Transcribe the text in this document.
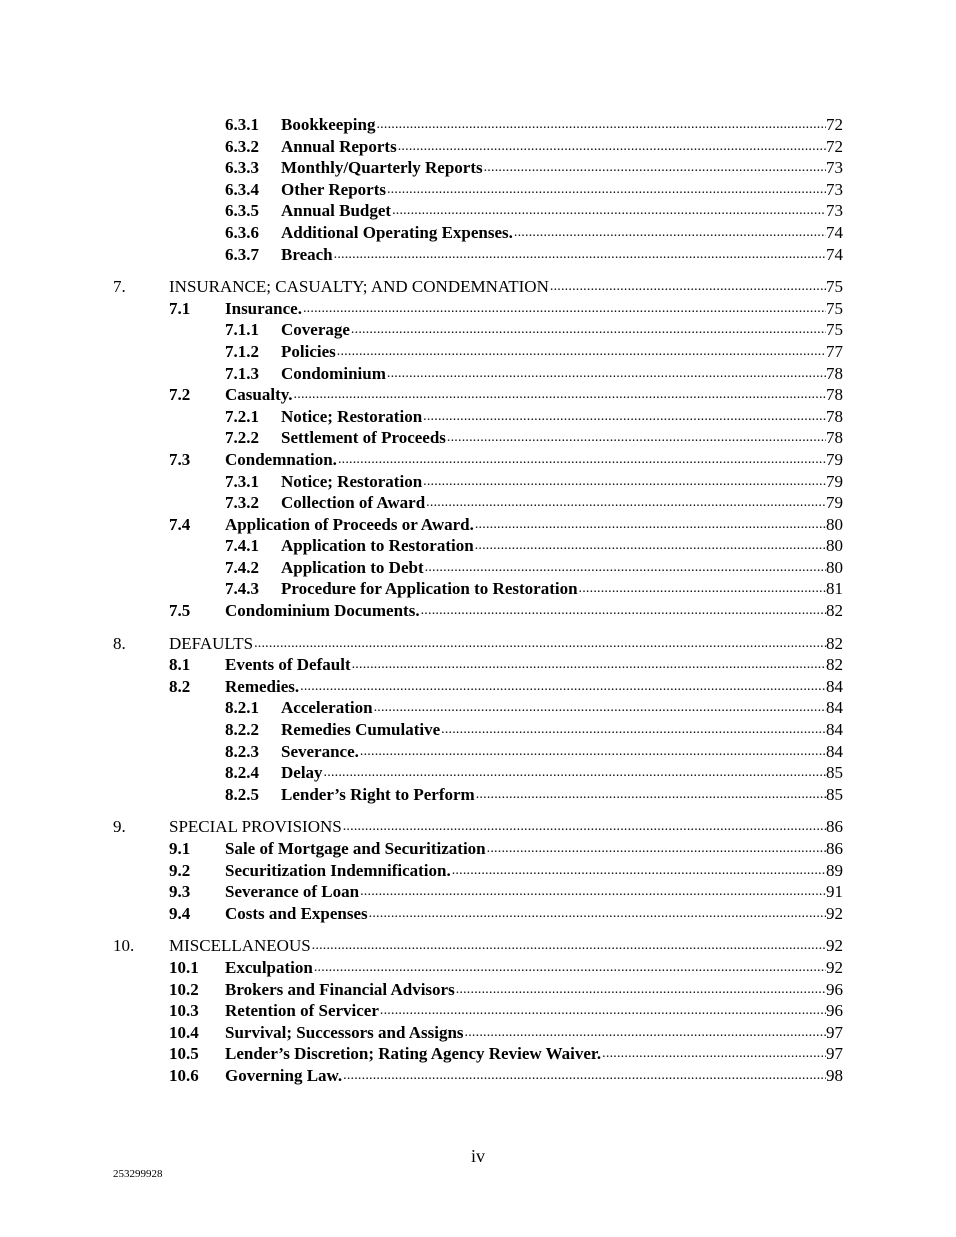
6.3.1 Bookkeeping .....	72
6.3.2 Annual Reports .....	72
6.3.3 Monthly/Quarterly Reports .....	73
6.3.4 Other Reports .....	73
6.3.5 Annual Budget .....	73
6.3.6 Additional Operating Expenses. .....	74
6.3.7 Breach .....	74
7.	INSURANCE; CASUALTY; AND CONDEMNATION .....	75
7.1 Insurance. .....	75
7.1.1 Coverage .....	75
7.1.2 Policies .....	77
7.1.3 Condominium .....	78
7.2 Casualty. .....	78
7.2.1 Notice; Restoration .....	78
7.2.2 Settlement of Proceeds .....	78
7.3 Condemnation. .....	79
7.3.1 Notice; Restoration .....	79
7.3.2 Collection of Award .....	79
7.4 Application of Proceeds or Award. .....	80
7.4.1 Application to Restoration .....	80
7.4.2 Application to Debt .....	80
7.4.3 Procedure for Application to Restoration .....	81
7.5 Condominium Documents. .....	82
8.	DEFAULTS .....	82
8.1 Events of Default .....	82
8.2 Remedies. .....	84
8.2.1 Acceleration .....	84
8.2.2 Remedies Cumulative .....	84
8.2.3 Severance. .....	84
8.2.4 Delay .....	85
8.2.5 Lender’s Right to Perform .....	85
9.	SPECIAL PROVISIONS .....	86
9.1 Sale of Mortgage and Securitization .....	86
9.2 Securitization Indemnification. .....	89
9.3 Severance of Loan .....	91
9.4 Costs and Expenses .....	92
10. MISCELLANEOUS .....	92
10.1 Exculpation .....	92
10.2 Brokers and Financial Advisors .....	96
10.3 Retention of Servicer .....	96
10.4 Survival; Successors and Assigns .....	97
10.5 Lender’s Discretion; Rating Agency Review Waiver. .....	97
10.6 Governing Law. .....	98
iv
253299928
